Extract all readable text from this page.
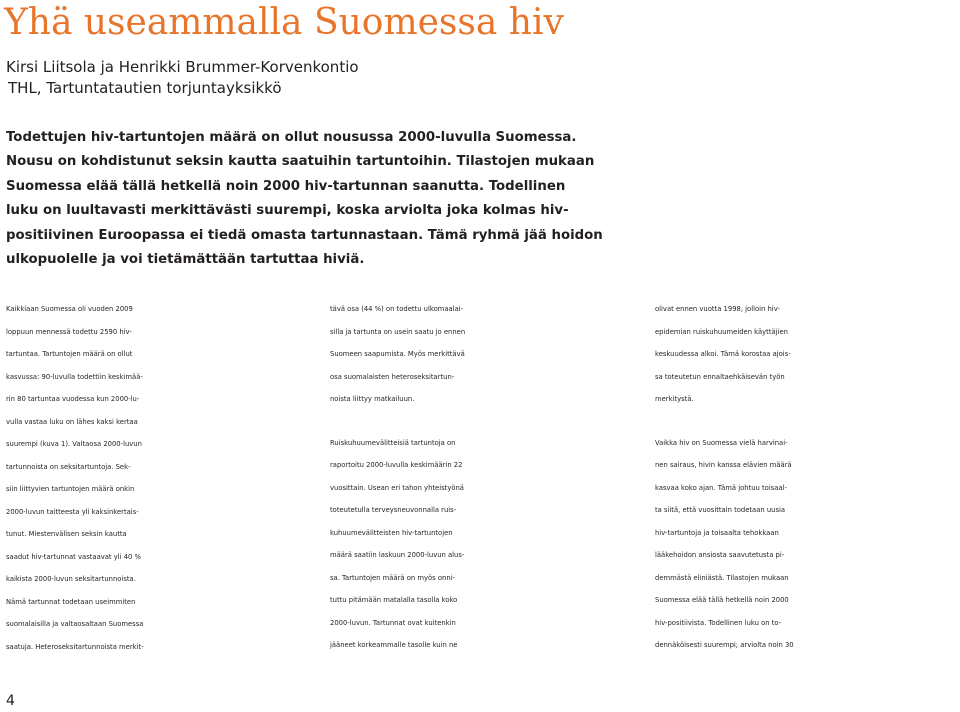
Yhä useammalla Suomessa hiv
Kirsi Liitsola ja Henrikki Brummer-Korvenkontio
THL, Tartuntatautien torjuntayksikkö
Todettujen hiv-tartuntojen määrä on ollut nousussa 2000-luvulla Suomessa.
Nousu on kohdistunut seksin kautta saatuihin tartuntoihin. Tilastojen mukaan
Suomessa elää tällä hetkellä noin 2000 hiv-tartunnan saanutta. Todellinen
luku on luultavasti merkittävästi suurempi, koska arviolta joka kolmas hiv-
positiivinen Euroopassa ei tiedä omasta tartunnastaan. Tämä ryhmä jää hoidon
ulkopuolelle ja voi tietämättään tartuttaa hiviä.
Kaikkiaan Suomessa oli vuoden 2009
loppuun mennessä todettu 2590 hiv-
tartuntaa. Tartuntojen määrä on ollut
kasvussa: 90-luvulla todettiin keskimää-
rin 80 tartuntaa vuodessa kun 2000-lu-
vulla vastaa luku on lähes kaksi kertaa
suurempi (kuva 1). Valtaosa 2000-luvun
tartunnoista on seksitartuntoja. Sek-
siin liittyvien tartuntojen määrä onkin
2000-luvun taitteesta yli kaksinkertais-
tunut. Miestenvälisen seksin kautta
saadut hiv-tartunnat vastaavat yli 40 %
kaikista 2000-luvun seksitartunnoista.
Nämä tartunnat todetaan useimmiten
suomalaisilla ja valtaosaltaan Suomessa
saatuja. Heteroseksitartunnoista merkit-
tävä osa (44 %) on todettu ulkomaalai-
silla ja tartunta on usein saatu jo ennen
Suomeen saapumista. Myös merkittävä
osa suomalaisten heteroseksitartun-
noista liittyy matkailuun.
Ruiskuhuumevälitteisiä tartuntoja on
raportoitu 2000-luvulla keskimäärin 22
vuosittain. Usean eri tahon yhteistyönä
toteutetulla terveysneuvonnalla ruis-
kuhuumevälitteisten hiv-tartuntojen
määrä saatiin laskuun 2000-luvun alus-
sa. Tartuntojen määrä on myös onni-
tuttu pitämään matalalla tasolla koko
2000-luvun. Tartunnat ovat kuitenkin
jääneet korkeammalle tasolle kuin ne
olivat ennen vuotta 1998, jolloin hiv-
epidemian ruiskuhuumeiden käyttäjien
keskuudessa alkoi. Tämä korostaa ajois-
sa toteutetun ennaltaehkäisevän työn
merkitystä.
Vaikka hiv on Suomessa vielä harvinai-
nen sairaus, hivin kanssa elävien määrä
kasvaa koko ajan. Tämä johtuu toisaal-
ta siitä, että vuosittain todetaan uusia
hiv-tartuntoja ja toisaalta tehokkaan
lääkehoidon ansiosta saavutetusta pi-
demmästä eliniästä. Tilastojen mukaan
Suomessa elää tällä hetkellä noin 2000
hiv-positiivista. Todellinen luku on to-
dennäköisesti suurempi; arviolta noin 30
4
